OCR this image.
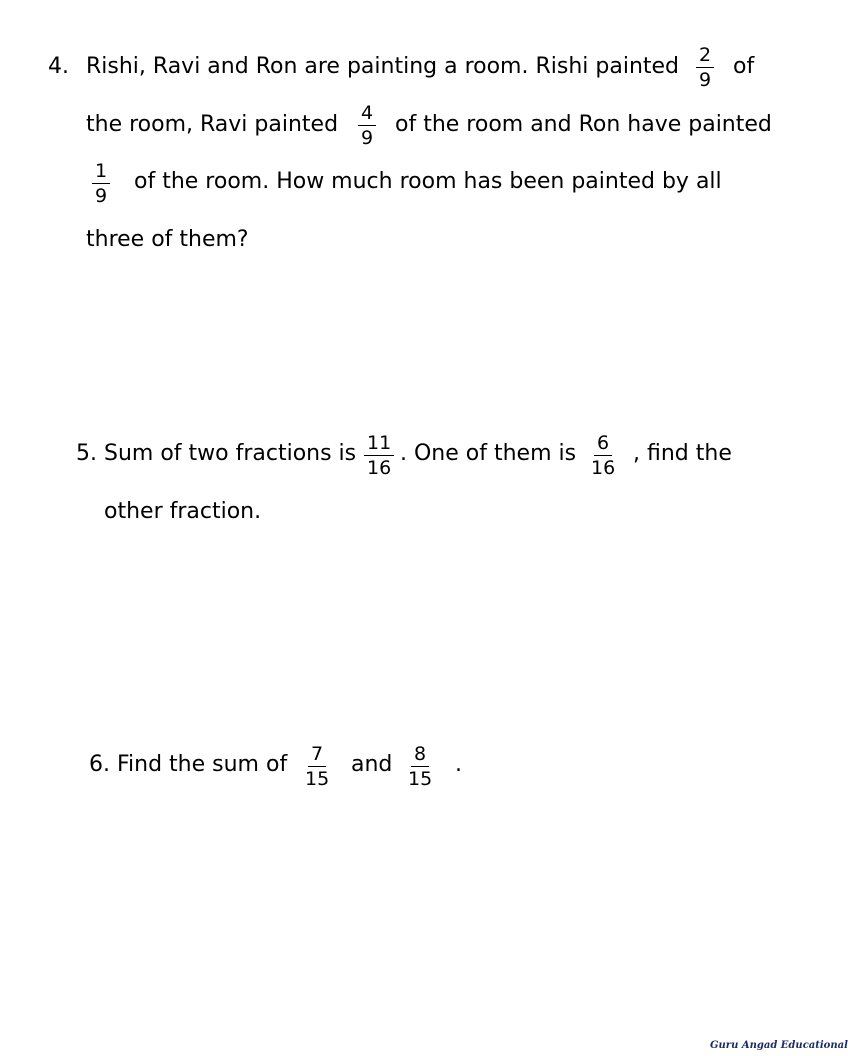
4. Rishi, Ravi and Ron are painting a room. Rishi painted $\frac{2}{9}$ of
the room, Ravi painted $\frac{4}{9}$ of the room and Ron have painted
$\frac{1}{9}$ of the room. How much room has been painted by all
three of them?
5. Sum of two fractions is $\frac{11}{16}$ . One of them is $\frac{6}{16}$ , find the
other fraction.
6. Find the sum of $\frac{7}{15}$ and $\frac{8}{15}$ .
Guru Angad Educational
